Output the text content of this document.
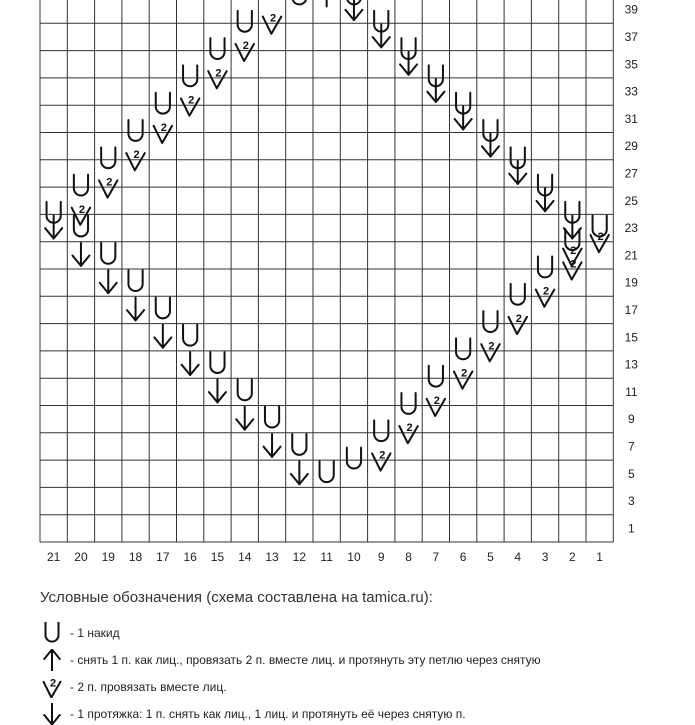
21 20 19 18 17 16 15 14 13 12 11 10 9 8 7 6 5 4 3 2 1
39
37
35
33
31
29
27
25
23
21
19
17
15
13
11
9
7
5
3
1
2
2
2
2
2
2
2
2
2
2
2
2
2
2
2
2
2
2
Условные обозначения (схема составлена на tamica.ru):
- 1 накид
- снять 1 п. как лиц., провязать 2 п. вместе лиц. и протянуть эту петлю через снятую
2 - 2 п. провязать вместе лиц.
- 1 протяжка: 1 п. снять как лиц., 1 лиц. и протянуть её через снятую п.
